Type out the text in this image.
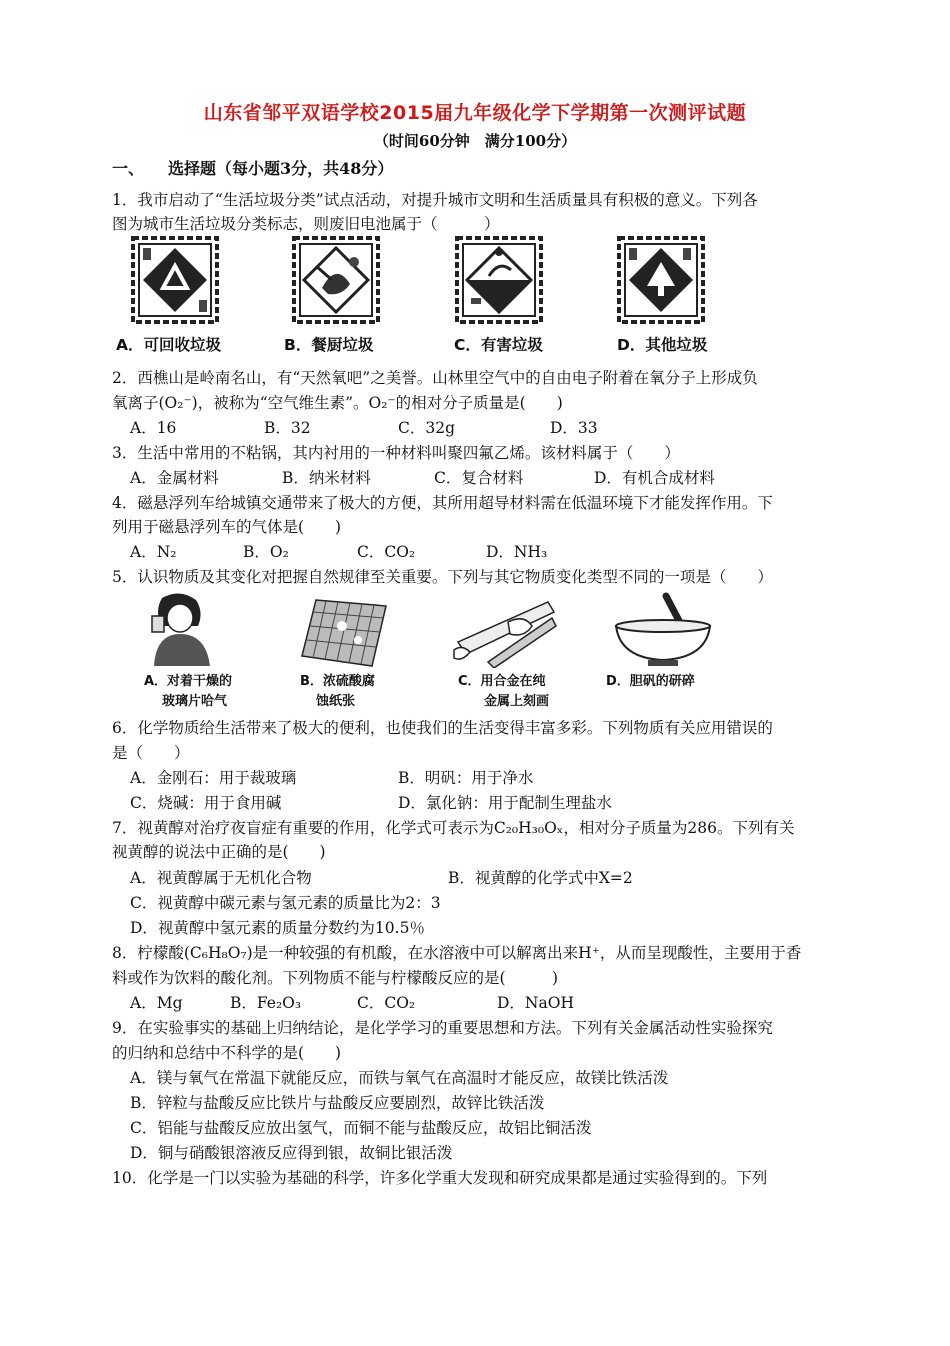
山东省邹平双语学校2015届九年级化学下学期第一次测评试题
（时间60分钟　满分100分）
一、　　选择题（每小题3分，共48分）
1．我市启动了“生活垃圾分类”试点活动，对提升城市文明和生活质量具有积极的意义。下列各
图为城市生活垃圾分类标志，则废旧电池属于（　　　）
A．可回收垃圾	B．餐厨垃圾	C．有害垃圾	D．其他垃圾
2．西樵山是岭南名山，有“天然氧吧”之美誉。山林里空气中的自由电子附着在氧分子上形成负
氧离子(O₂⁻)，被称为“空气维生素”。O₂⁻的相对分子质量是(　　)
A．16	B．32	C．32g	D．33
3．生活中常用的不粘锅，其内衬用的一种材料叫聚四氟乙烯。该材料属于（　　）
A．金属材料	B．纳米材料	C．复合材料	D．有机合成材料
4．磁悬浮列车给城镇交通带来了极大的方便，其所用超导材料需在低温环境下才能发挥作用。下
列用于磁悬浮列车的气体是(　　)
A．N₂	B．O₂	C．CO₂	D．NH₃
5．认识物质及其变化对把握自然规律至关重要。下列与其它物质变化类型不同的一项是（　　）
A．对着干燥的
玻璃片哈气
B．浓硫酸腐
蚀纸张
C．用合金在纯
金属上刻画
D．胆矾的研碎
6．化学物质给生活带来了极大的便利，也使我们的生活变得丰富多彩。下列物质有关应用错误的
是（　　）
A．金刚石：用于裁玻璃	B．明矾：用于净水
C．烧碱：用于食用碱	D．氯化钠：用于配制生理盐水
7．视黄醇对治疗夜盲症有重要的作用，化学式可表示为C₂₀H₃₀Oₓ，相对分子质量为286。下列有关
视黄醇的说法中正确的是(　　)
A．视黄醇属于无机化合物	B．视黄醇的化学式中X=2
C．视黄醇中碳元素与氢元素的质量比为2：3
D．视黄醇中氢元素的质量分数约为10.5％
8．柠檬酸(C₆H₈O₇)是一种较强的有机酸，在水溶液中可以解离出来H⁺，从而呈现酸性，主要用于香
料或作为饮料的酸化剂。下列物质不能与柠檬酸反应的是(　　　)
A．Mg	B．Fe₂O₃	C．CO₂	D．NaOH
9．在实验事实的基础上归纳结论，是化学学习的重要思想和方法。下列有关金属活动性实验探究
的归纳和总结中不科学的是(　　)
A．镁与氧气在常温下就能反应，而铁与氧气在高温时才能反应，故镁比铁活泼
B．锌粒与盐酸反应比铁片与盐酸反应要剧烈，故锌比铁活泼
C．铝能与盐酸反应放出氢气，而铜不能与盐酸反应，故铝比铜活泼
D．铜与硝酸银溶液反应得到银，故铜比银活泼
10．化学是一门以实验为基础的科学，许多化学重大发现和研究成果都是通过实验得到的。下列
